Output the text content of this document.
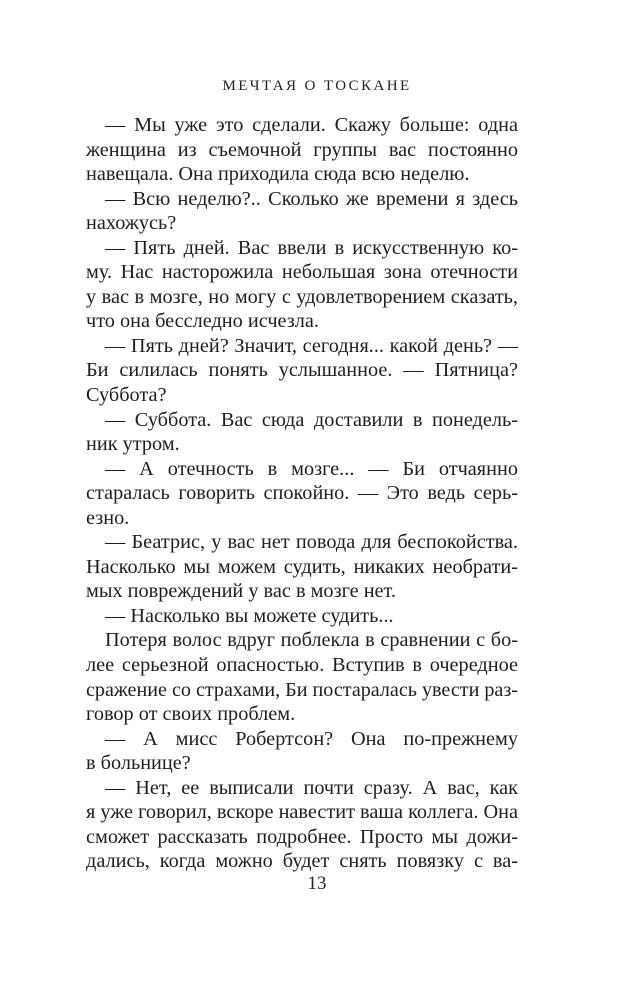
МЕЧТАЯ О ТОСКАНЕ
— Мы уже это сделали. Скажу больше: одна
женщина из съемочной группы вас постоянно
навещала. Она приходила сюда всю неделю.
— Всю неделю?.. Сколько же времени я здесь
нахожусь?
— Пять дней. Вас ввели в искусственную ко-
му. Нас насторожила небольшая зона отечности
у вас в мозге, но могу с удовлетворением сказать,
что она бесследно исчезла.
— Пять дней? Значит, сегодня... какой день? —
Би силилась понять услышанное. — Пятница?
Суббота?
— Суббота. Вас сюда доставили в понедель-
ник утром.
— А отечность в мозге... — Би отчаянно
старалась говорить спокойно. — Это ведь серь-
езно.
— Беатрис, у вас нет повода для беспокойства.
Насколько мы можем судить, никаких необрати-
мых повреждений у вас в мозге нет.
— Насколько вы можете судить...
Потеря волос вдруг поблекла в сравнении с бо-
лее серьезной опасностью. Вступив в очередное
сражение со страхами, Би постаралась увести раз-
говор от своих проблем.
— А мисс Робертсон? Она по-прежнему
в больнице?
— Нет, ее выписали почти сразу. А вас, как
я уже говорил, вскоре навестит ваша коллега. Она
сможет рассказать подробнее. Просто мы дожи-
дались, когда можно будет снять повязку с ва-
13
